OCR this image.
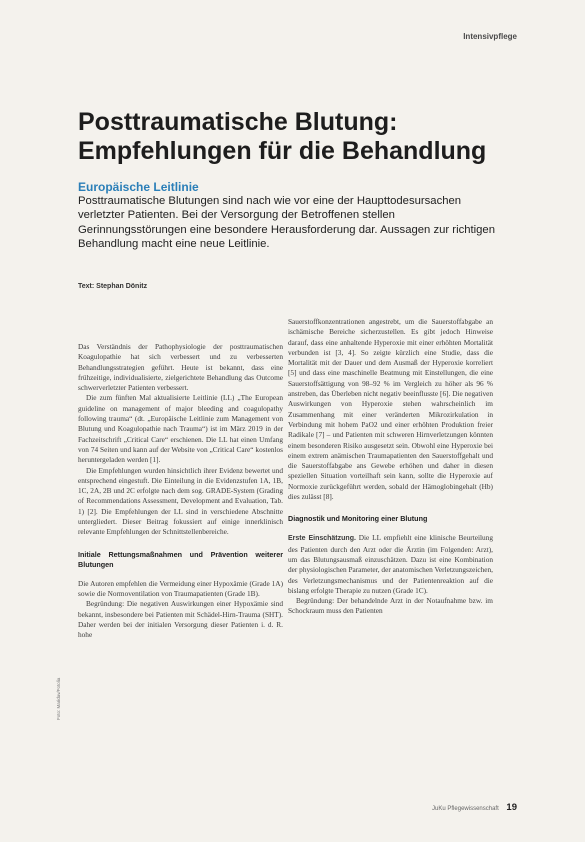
Intensivpflege
Posttraumatische Blutung: Empfehlungen für die Behandlung
Europäische Leitlinie

Posttraumatische Blutungen sind nach wie vor eine der Haupttodesursachen verletzter Patienten. Bei der Versorgung der Betroffenen stellen Gerinnungsstörungen eine besondere Herausforderung dar. Aussagen zur richtigen Behandlung macht eine neue Leitlinie.

Text: Stephan Dönitz

Das Verständnis der Pathophysiologie der posttraumatischen Koagulopathie hat sich verbessert und zu verbesserten Behandlungsstrategien geführt. Heute ist bekannt, dass eine frühzeitige, individualisierte, zielgerichtete Behandlung das Outcome schwerverletzter Patienten verbessert.

Die zum fünften Mal aktualisierte Leitlinie (LL) „The European guideline on management of major bleeding and coagulopathy following trauma“ (dt. „Europäische Leitlinie zum Management von Blutung und Koagulopathie nach Trauma“) ist im März 2019 in der Fachzeitschrift „Critical Care“ erschienen. Die LL hat einen Umfang von 74 Seiten und kann auf der Website von „Critical Care“ kostenlos heruntergeladen werden [1].

Die Empfehlungen wurden hinsichtlich ihrer Evidenz bewertet und entsprechend eingestuft. Die Einteilung in die Evidenzstufen 1A, 1B, 1C, 2A, 2B und 2C erfolgte nach dem sog. GRADE-System (Grading of Recommendations Assessment, Development and Evaluation, Tab. 1) [2]. Die Empfehlungen der LL sind in verschiedene Abschnitte untergliedert. Dieser Beitrag fokussiert auf einige innerklinisch relevante Empfehlungen der Schnittstellenbereiche.

Initiale Rettungsmaßnahmen und Prävention weiterer Blutungen

Die Autoren empfehlen die Vermeidung einer Hypoxämie (Grade 1A) sowie die Normoventilation von Traumapatienten (Grade 1B).

Begründung: Die negativen Auswirkungen einer Hypoxämie sind bekannt, insbesondere bei Patienten mit Schädel-Hirn-Trauma (SHT). Daher werden bei der initialen Versorgung dieser Patienten i. d. R. hohe

Sauerstoffkonzentrationen angestrebt, um die Sauerstoffabgabe an ischämische Bereiche sicherzustellen. Es gibt jedoch Hinweise darauf, dass eine anhaltende Hyperoxie mit einer erhöhten Mortalität verbunden ist [3, 4]. So zeigte kürzlich eine Studie, dass die Mortalität mit der Dauer und dem Ausmaß der Hyperoxie korreliert [5] und dass eine maschinelle Beatmung mit Einstellungen, die eine Sauerstoffsättigung von 98–92 % im Vergleich zu höher als 96 % anstreben, das Überleben nicht negativ beeinflusste [6]. Die negativen Auswirkungen von Hyperoxie stehen wahrscheinlich im Zusammenhang mit einer veränderten Mikrozirkulation in Verbindung mit hohem PaO2 und einer erhöhten Produktion freier Radikale [7] – und Patienten mit schweren Hirnverletzungen könnten einem besonderen Risiko ausgesetzt sein. Obwohl eine Hyperoxie bei einem extrem anämischen Traumapatienten den Sauerstoffgehalt und die Sauerstoffabgabe ans Gewebe erhöhen und daher in diesen speziellen Situation vorteilhaft sein kann, sollte die Hyperoxie auf Normoxie zurückgeführt werden, sobald der Hämoglobingehalt (Hb) dies zulässt [8].

Diagnostik und Monitoring einer Blutung

Erste Einschätzung. Die LL empfiehlt eine klinische Beurteilung des Patienten durch den Arzt oder die Ärztin (im Folgenden: Arzt), um das Blutungsausmaß einzuschätzen. Dazu ist eine Kombination der physiologischen Parameter, der anatomischen Verletzungszeichen, des Verletzungsmechanismus und der Patientenreaktion auf die bislang erfolgte Therapie zu nutzen (Grade 1C).

Begründung: Der behandelnde Arzt in der Notaufnahme bzw. im Schockraum muss den Patienten

Foto: Maridav/Fotolia
JuKu Pflegewissenschaft 19
